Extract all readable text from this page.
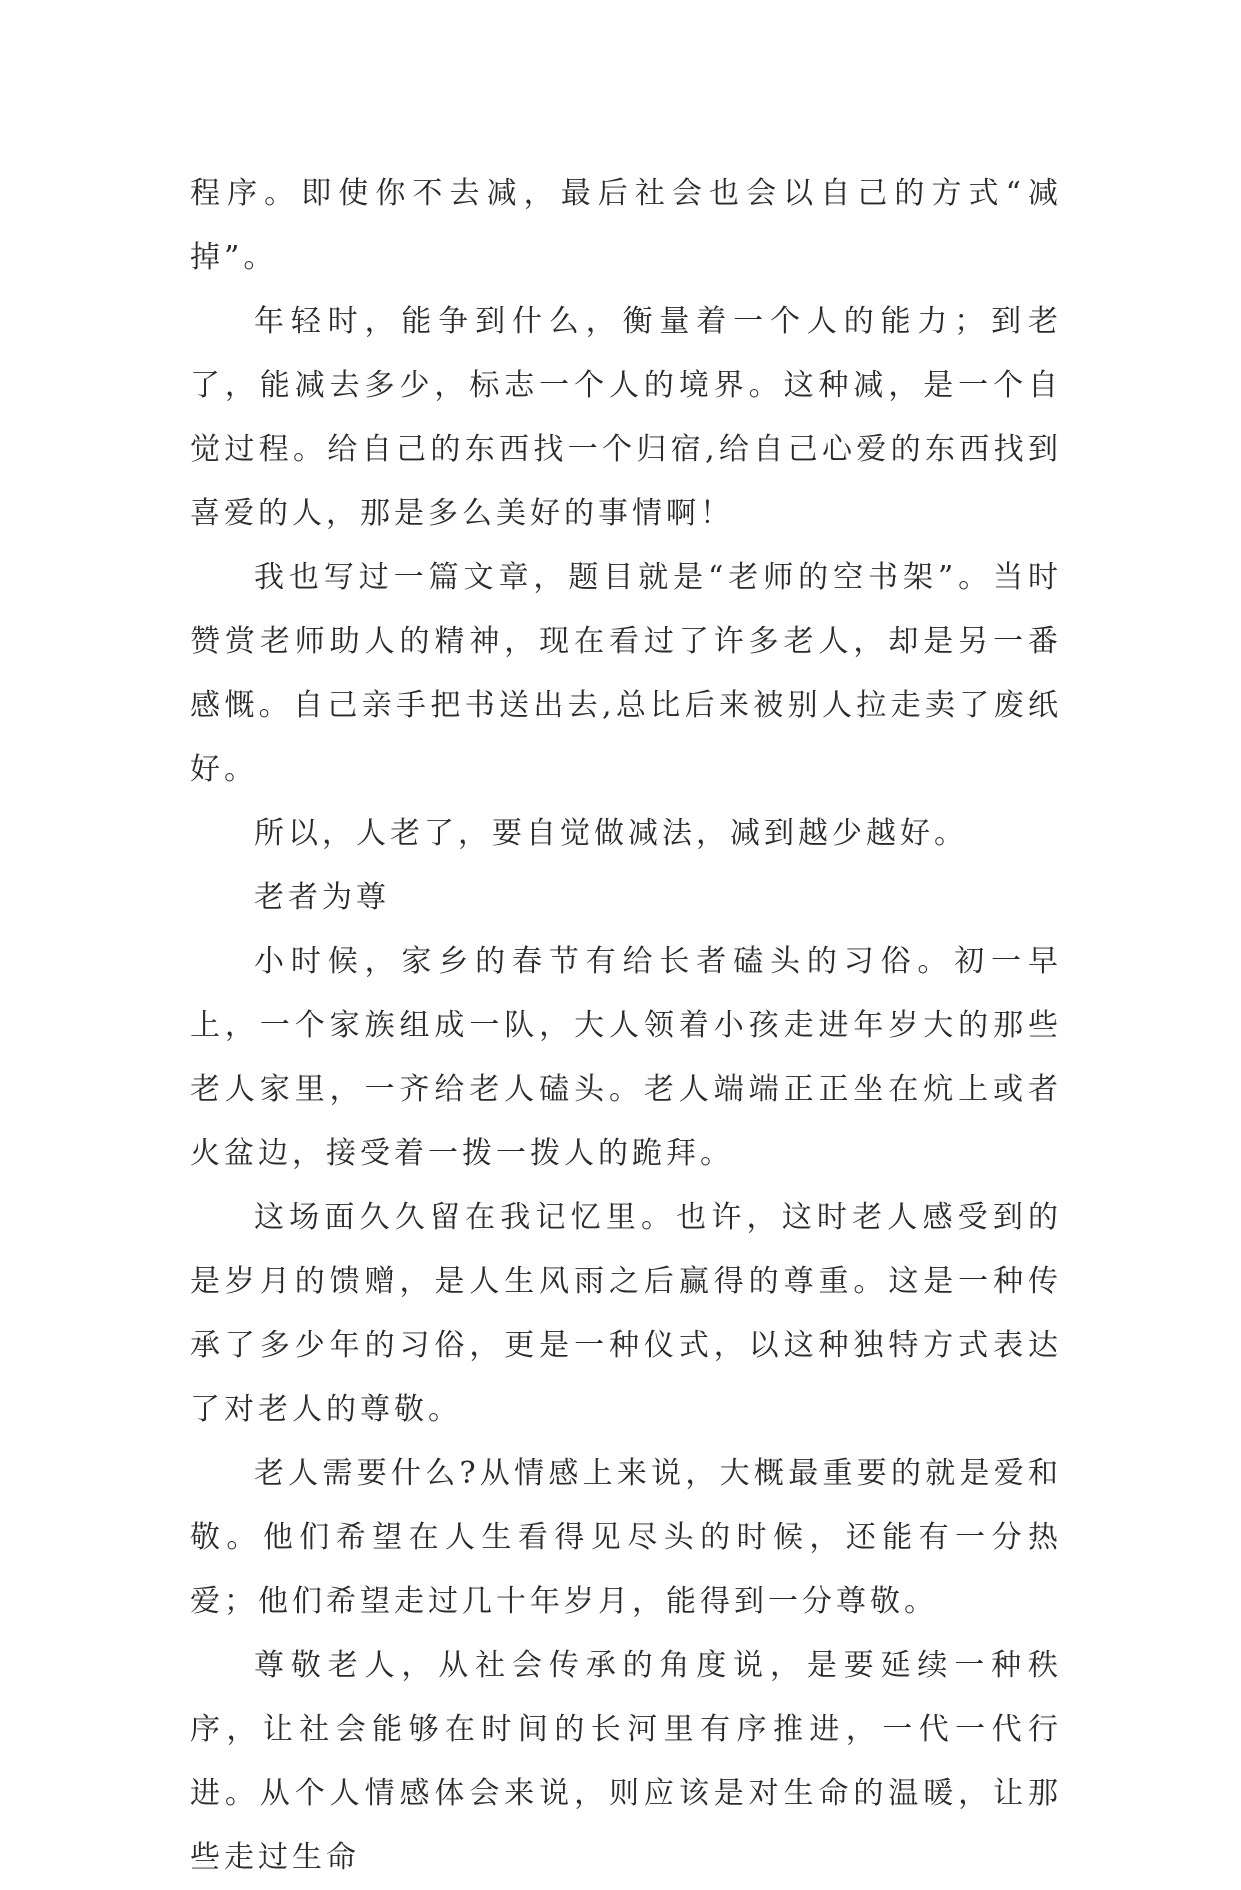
程序。即使你不去减，最后社会也会以自己的方式“减掉”。

年轻时，能争到什么，衡量着一个人的能力；到老了，能减去多少，标志一个人的境界。这种减，是一个自觉过程。给自己的东西找一个归宿,给自己心爱的东西找到喜爱的人，那是多么美好的事情啊！

我也写过一篇文章，题目就是“老师的空书架”。当时赞赏老师助人的精神，现在看过了许多老人，却是另一番感慨。自己亲手把书送出去,总比后来被别人拉走卖了废纸好。

所以，人老了，要自觉做减法，减到越少越好。

老者为尊

小时候，家乡的春节有给长者磕头的习俗。初一早上，一个家族组成一队，大人领着小孩走进年岁大的那些老人家里，一齐给老人磕头。老人端端正正坐在炕上或者火盆边，接受着一拨一拨人的跪拜。

这场面久久留在我记忆里。也许，这时老人感受到的是岁月的馈赠，是人生风雨之后赢得的尊重。这是一种传承了多少年的习俗，更是一种仪式，以这种独特方式表达了对老人的尊敬。

老人需要什么?从情感上来说，大概最重要的就是爱和敬。他们希望在人生看得见尽头的时候，还能有一分热爱；他们希望走过几十年岁月，能得到一分尊敬。

尊敬老人，从社会传承的角度说，是要延续一种秩序，让社会能够在时间的长河里有序推进，一代一代行进。从个人情感体会来说，则应该是对生命的温暖，让那些走过生命
